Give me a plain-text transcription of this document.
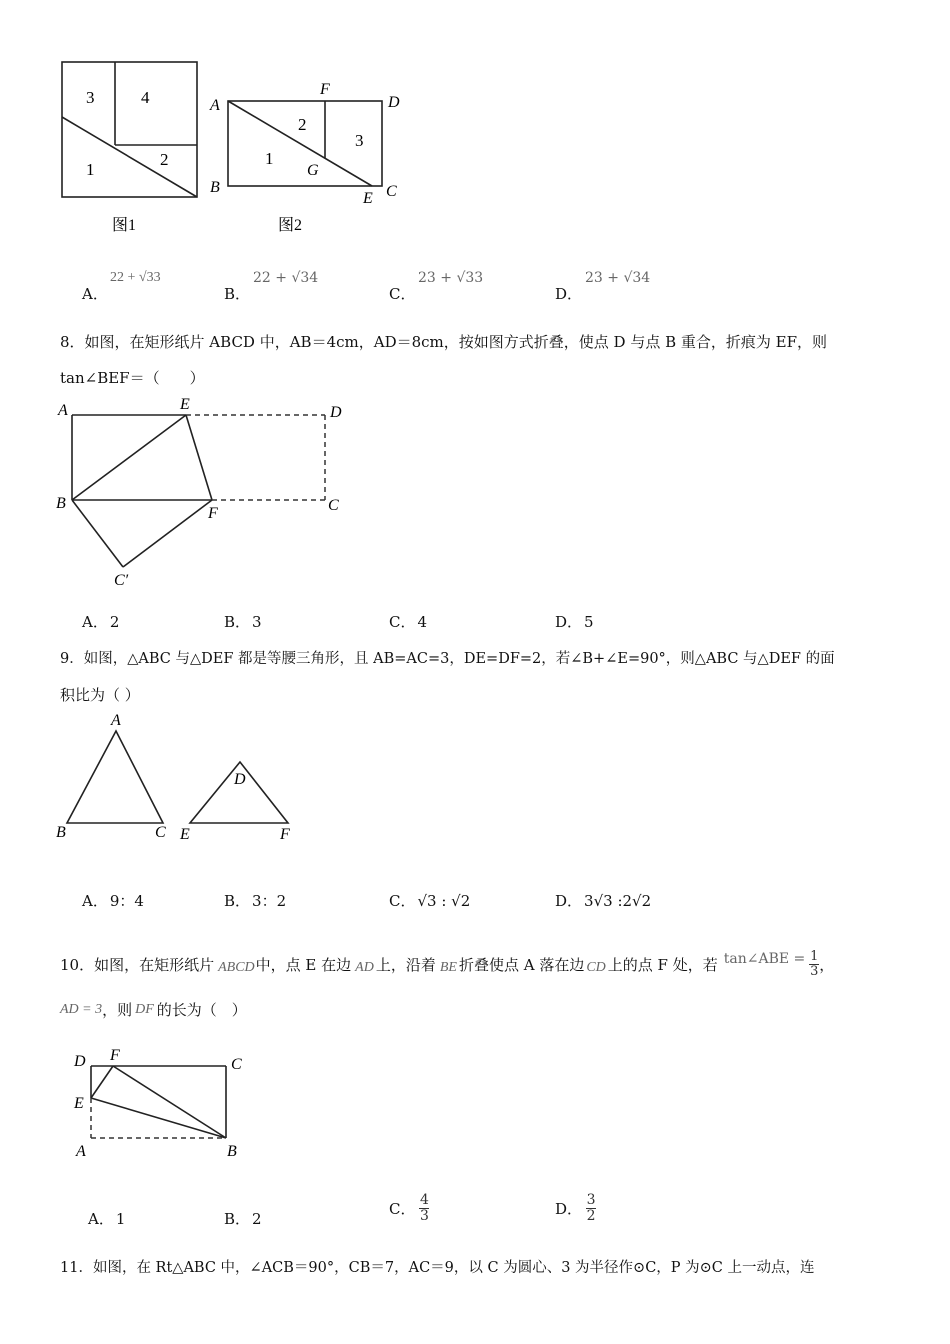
3	4
1
2
图1
A
B	C
D
E
F
G
1
2
3
图2
A．
22 + √33
B．
22 + √34
C．
23 + √33
D．
23 + √34
8．如图，在矩形纸片 ABCD 中，AB＝4cm，AD＝8cm，按如图方式折叠，使点 D 与点 B 重合，折痕为 EF，则
tan∠BEF＝（　　）
A	E	D
B
F	C
C′
A． 2	B． 3	C． 4	D． 5
9．如图，△ABC 与△DEF 都是等腰三角形，且 AB=AC=3，DE=DF=2，若∠B+∠E=90°，则△ABC 与△DEF 的面
积比为（ ）
A
B	C
D
E	F
A． 9：4	B． 3：2	C． √3 : √2	D． 3√3 :2√2
10．如图，在矩形纸片 ABCD 中，点 E 在边 AD 上，沿着 BE 折叠使点 A 落在边 CD 上的点 F 处，若 tan∠ABE = $\frac{1}{3}$ ，
AD = 3 ，则 DF 的长为（　）
D F
C
E
A	B
A． 1	B． 2
C． $\frac{4}{3}$	D． $\frac{3}{2}$
11．如图，在 Rt△ABC 中，∠ACB＝90°，CB＝7，AC＝9，以 C 为圆心、3 为半径作⊙C，P 为⊙C 上一动点，连
